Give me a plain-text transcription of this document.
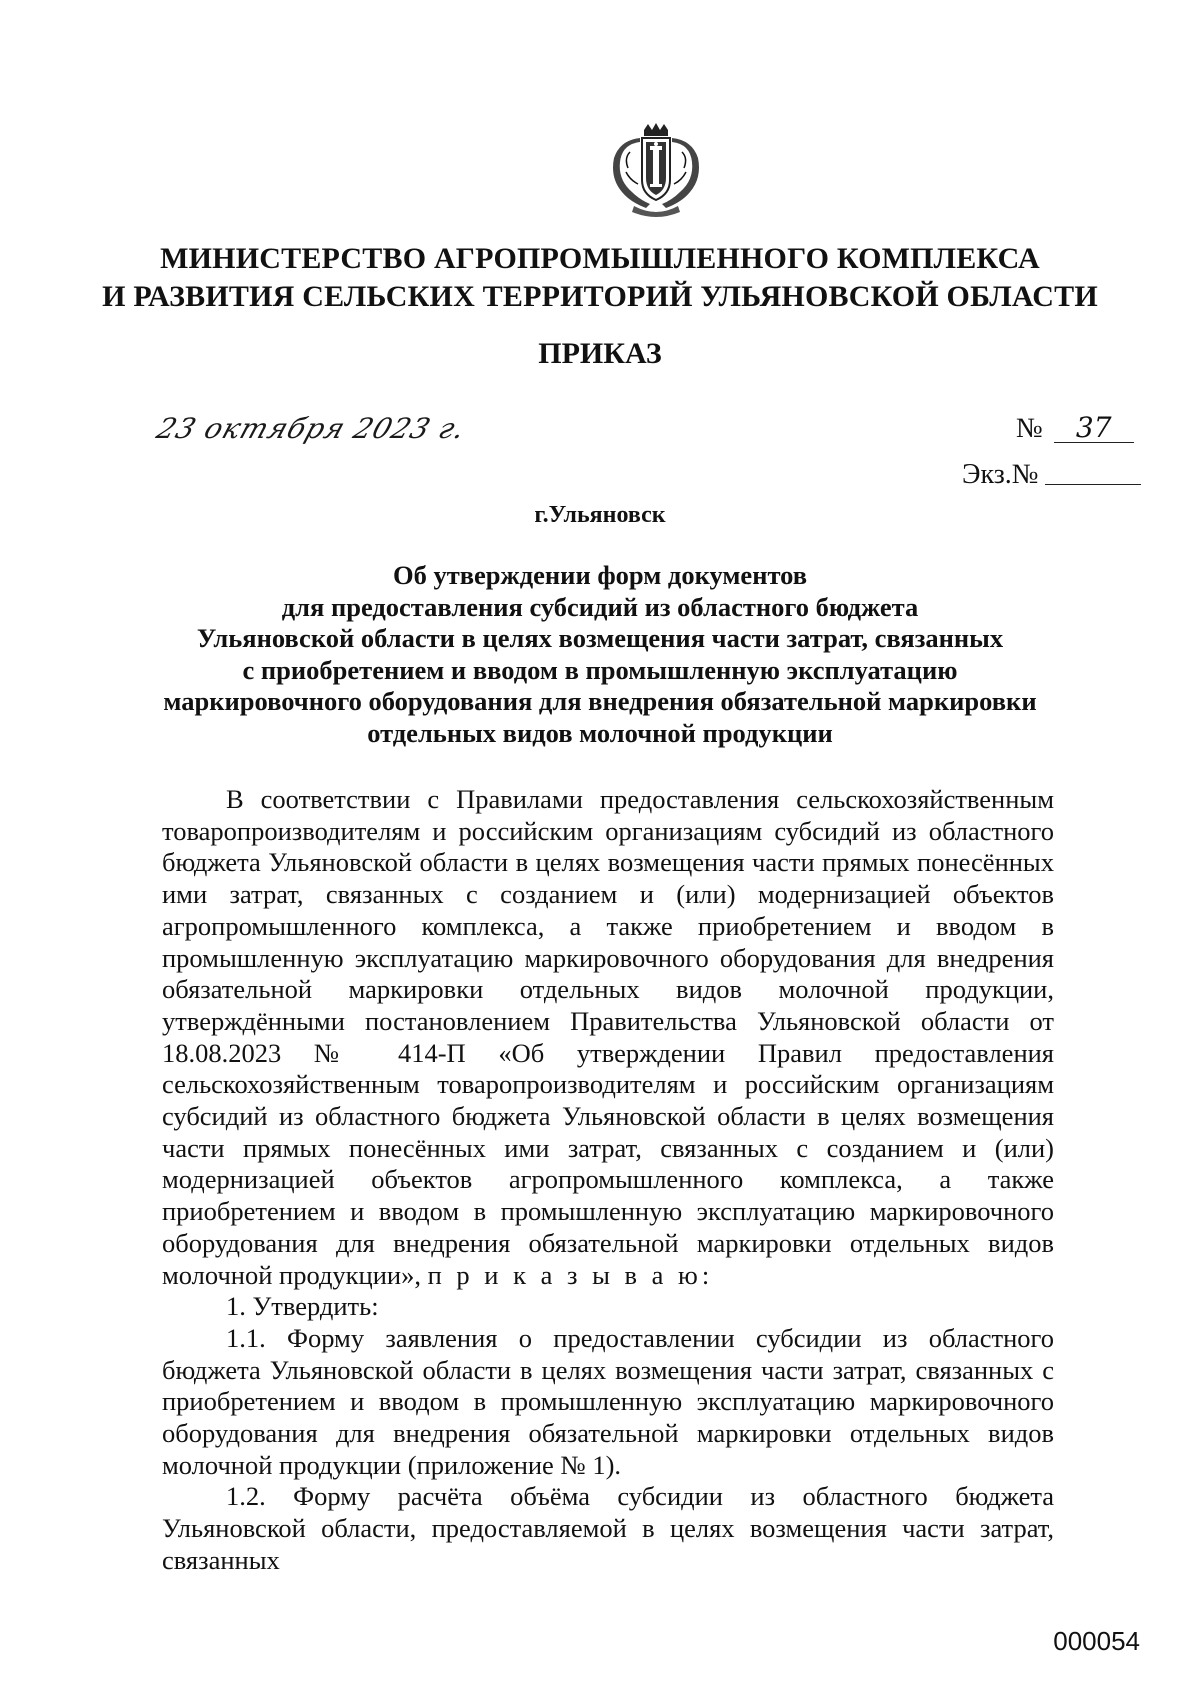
МИНИСТЕРСТВО АГРОПРОМЫШЛЕННОГО КОМПЛЕКСА
И РАЗВИТИЯ СЕЛЬСКИХ ТЕРРИТОРИЙ УЛЬЯНОВСКОЙ ОБЛАСТИ
ПРИКАЗ
23 октября 2023 г.	№ 37
Экз.№
г.Ульяновск
Об утверждении форм документов
для предоставления субсидий из областного бюджета
Ульяновской области в целях возмещения части затрат, связанных
с приобретением и вводом в промышленную эксплуатацию
маркировочного оборудования для внедрения обязательной маркировки
отдельных видов молочной продукции

В соответствии с Правилами предоставления сельскохозяйственным товаропроизводителям и российским организациям субсидий из областного бюджета Ульяновской области в целях возмещения части прямых понесённых ими затрат, связанных с созданием и (или) модернизацией объектов агропромышленного комплекса, а также приобретением и вводом в промышленную эксплуатацию маркировочного оборудования для внедрения обязательной маркировки отдельных видов молочной продукции, утверждёнными постановлением Правительства Ульяновской области от 18.08.2023 № 414-П «Об утверждении Правил предоставления сельскохозяйственным товаропроизводителям и российским организациям субсидий из областного бюджета Ульяновской области в целях возмещения части прямых понесённых ими затрат, связанных с созданием и (или) модернизацией объектов агропромышленного комплекса, а также приобретением и вводом в промышленную эксплуатацию маркировочного оборудования для внедрения обязательной маркировки отдельных видов молочной продукции», п р и к а з ы в а ю:

1. Утвердить:

1.1. Форму заявления о предоставлении субсидии из областного бюджета Ульяновской области в целях возмещения части затрат, связанных с приобретением и вводом в промышленную эксплуатацию маркировочного оборудования для внедрения обязательной маркировки отдельных видов молочной продукции (приложение № 1).

1.2. Форму расчёта объёма субсидии из областного бюджета Ульяновской области, предоставляемой в целях возмещения части затрат, связанных

000054
